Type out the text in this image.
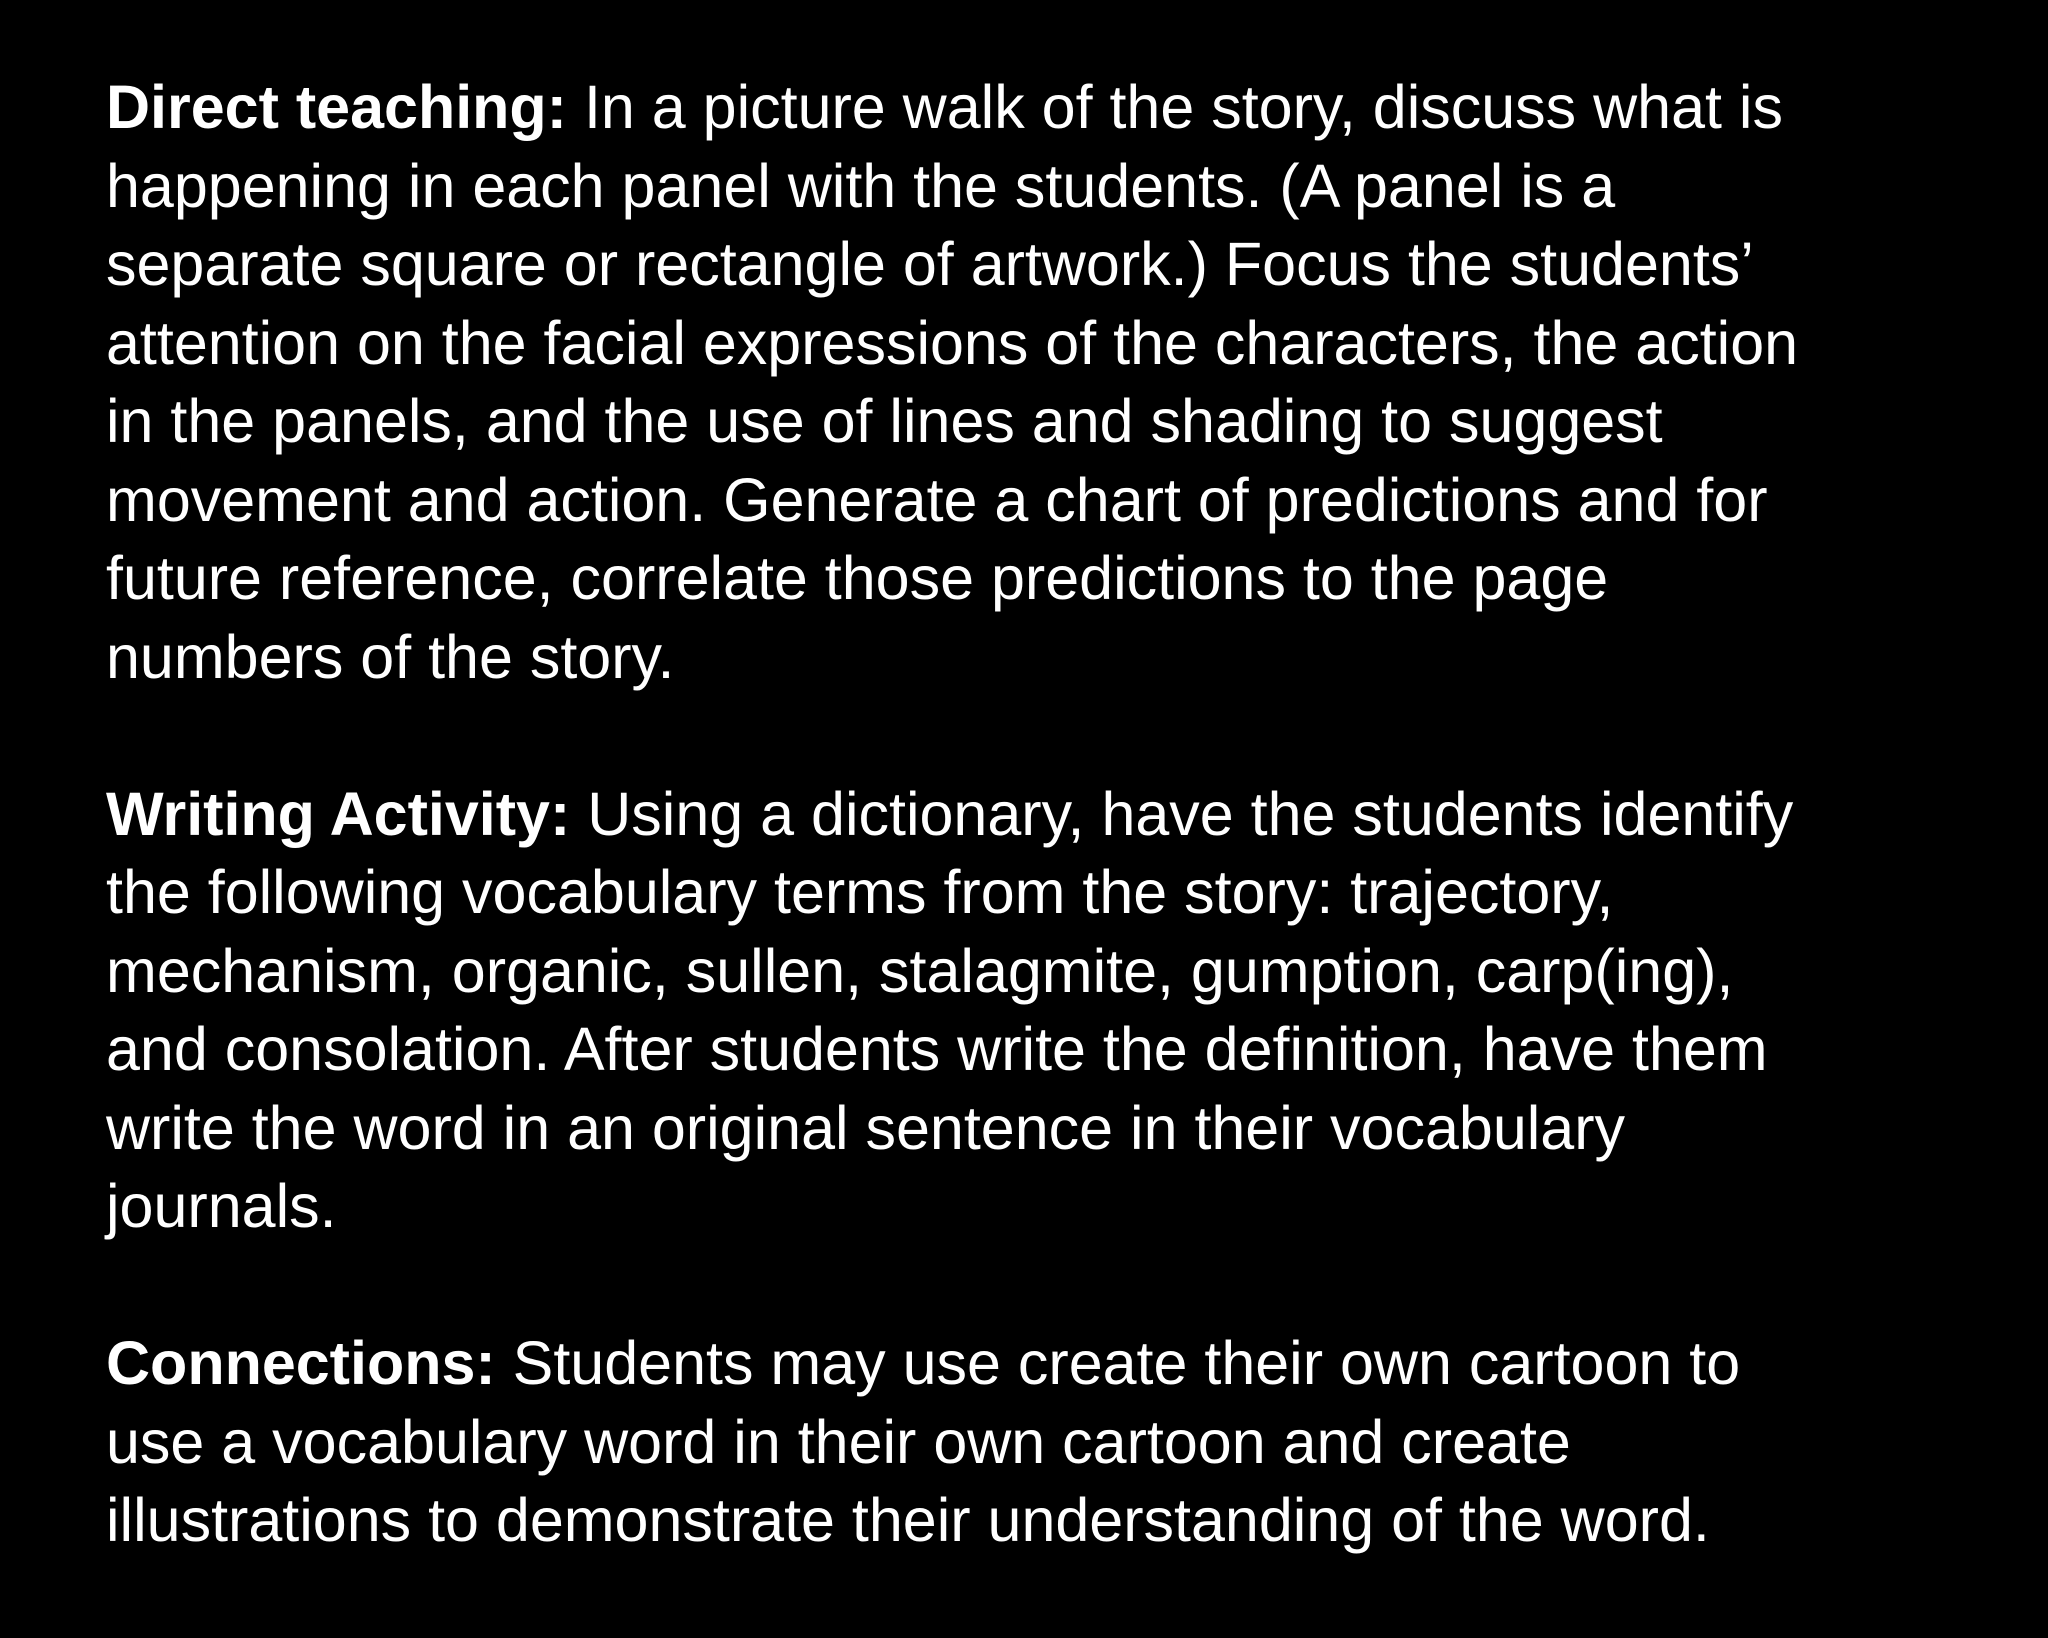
Direct teaching: In a picture walk of the story, discuss what is
happening in each panel with the students. (A panel is a
separate square or rectangle of artwork.) Focus the students’
attention on the facial expressions of the characters, the action
in the panels, and the use of lines and shading to suggest
movement and action. Generate a chart of predictions and for
future reference, correlate those predictions to the page
numbers of the story.
Writing Activity: Using a dictionary, have the students identify
the following vocabulary terms from the story: trajectory,
mechanism, organic, sullen, stalagmite, gumption, carp(ing),
and consolation. After students write the definition, have them
write the word in an original sentence in their vocabulary
journals.
Connections: Students may use create their own cartoon to
use a vocabulary word in their own cartoon and create
illustrations to demonstrate their understanding of the word.
